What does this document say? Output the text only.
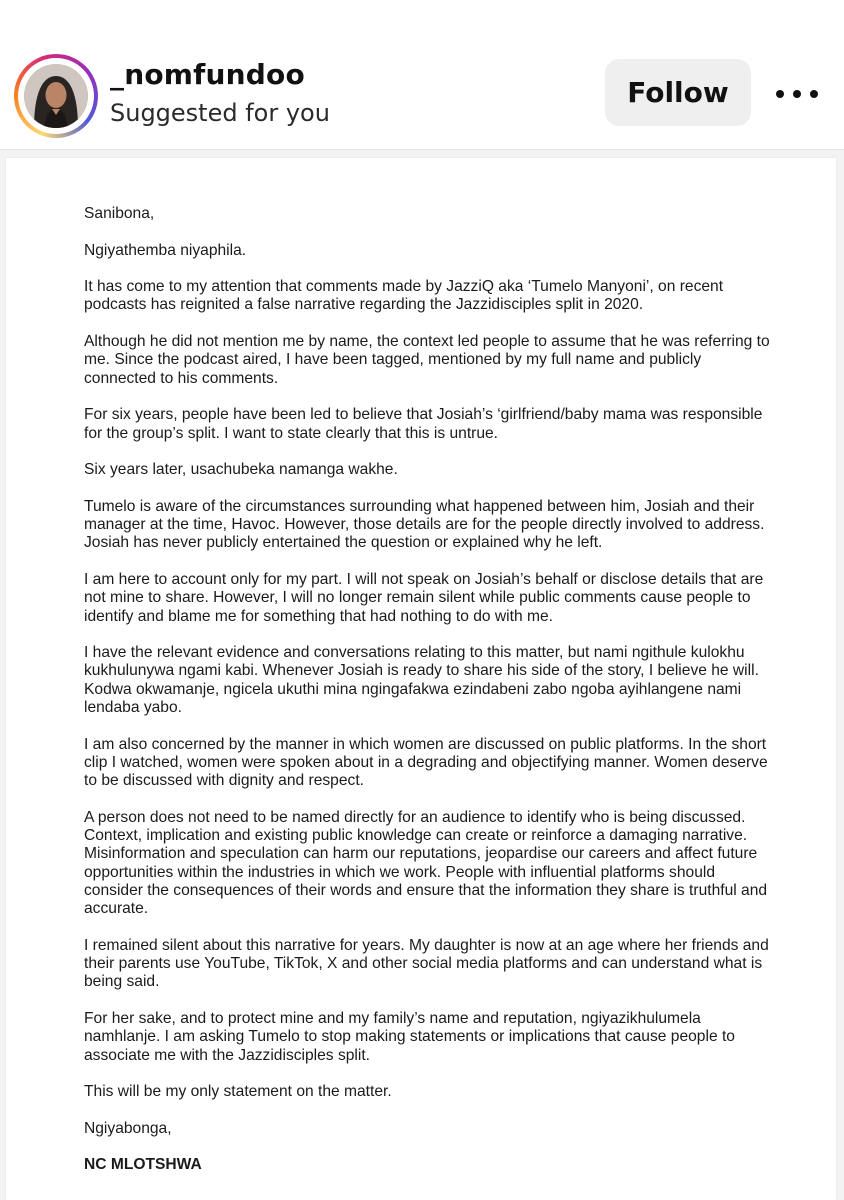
_nomfundoo
Suggested for you
Follow

Sanibona,

Ngiyathemba niyaphila.

It has come to my attention that comments made by JazziQ aka ‘Tumelo Manyoni’, on recent podcasts has reignited a false narrative regarding the Jazzidisciples split in 2020.

Although he did not mention me by name, the context led people to assume that he was referring to me. Since the podcast aired, I have been tagged, mentioned by my full name and publicly connected to his comments.

For six years, people have been led to believe that Josiah’s ‘girlfriend/baby mama was responsible for the group’s split. I want to state clearly that this is untrue.

Six years later, usachubeka namanga wakhe.

Tumelo is aware of the circumstances surrounding what happened between him, Josiah and their manager at the time, Havoc. However, those details are for the people directly involved to address. Josiah has never publicly entertained the question or explained why he left.

I am here to account only for my part. I will not speak on Josiah’s behalf or disclose details that are not mine to share. However, I will no longer remain silent while public comments cause people to identify and blame me for something that had nothing to do with me.

I have the relevant evidence and conversations relating to this matter, but nami ngithule kulokhu kukhulunywa ngami kabi. Whenever Josiah is ready to share his side of the story, I believe he will. Kodwa okwamanje, ngicela ukuthi mina ngingafakwa ezindabeni zabo ngoba ayihlangene nami lendaba yabo.

I am also concerned by the manner in which women are discussed on public platforms. In the short clip I watched, women were spoken about in a degrading and objectifying manner. Women deserve to be discussed with dignity and respect.

A person does not need to be named directly for an audience to identify who is being discussed. Context, implication and existing public knowledge can create or reinforce a damaging narrative. Misinformation and speculation can harm our reputations, jeopardise our careers and affect future opportunities within the industries in which we work. People with influential platforms should consider the consequences of their words and ensure that the information they share is truthful and accurate.

I remained silent about this narrative for years. My daughter is now at an age where her friends and their parents use YouTube, TikTok, X and other social media platforms and can understand what is being said.

For her sake, and to protect mine and my family’s name and reputation, ngiyazikhulumela namhlanje. I am asking Tumelo to stop making statements or implications that cause people to associate me with the Jazzidisciples split.

This will be my only statement on the matter.

Ngiyabonga,

NC MLOTSHWA
